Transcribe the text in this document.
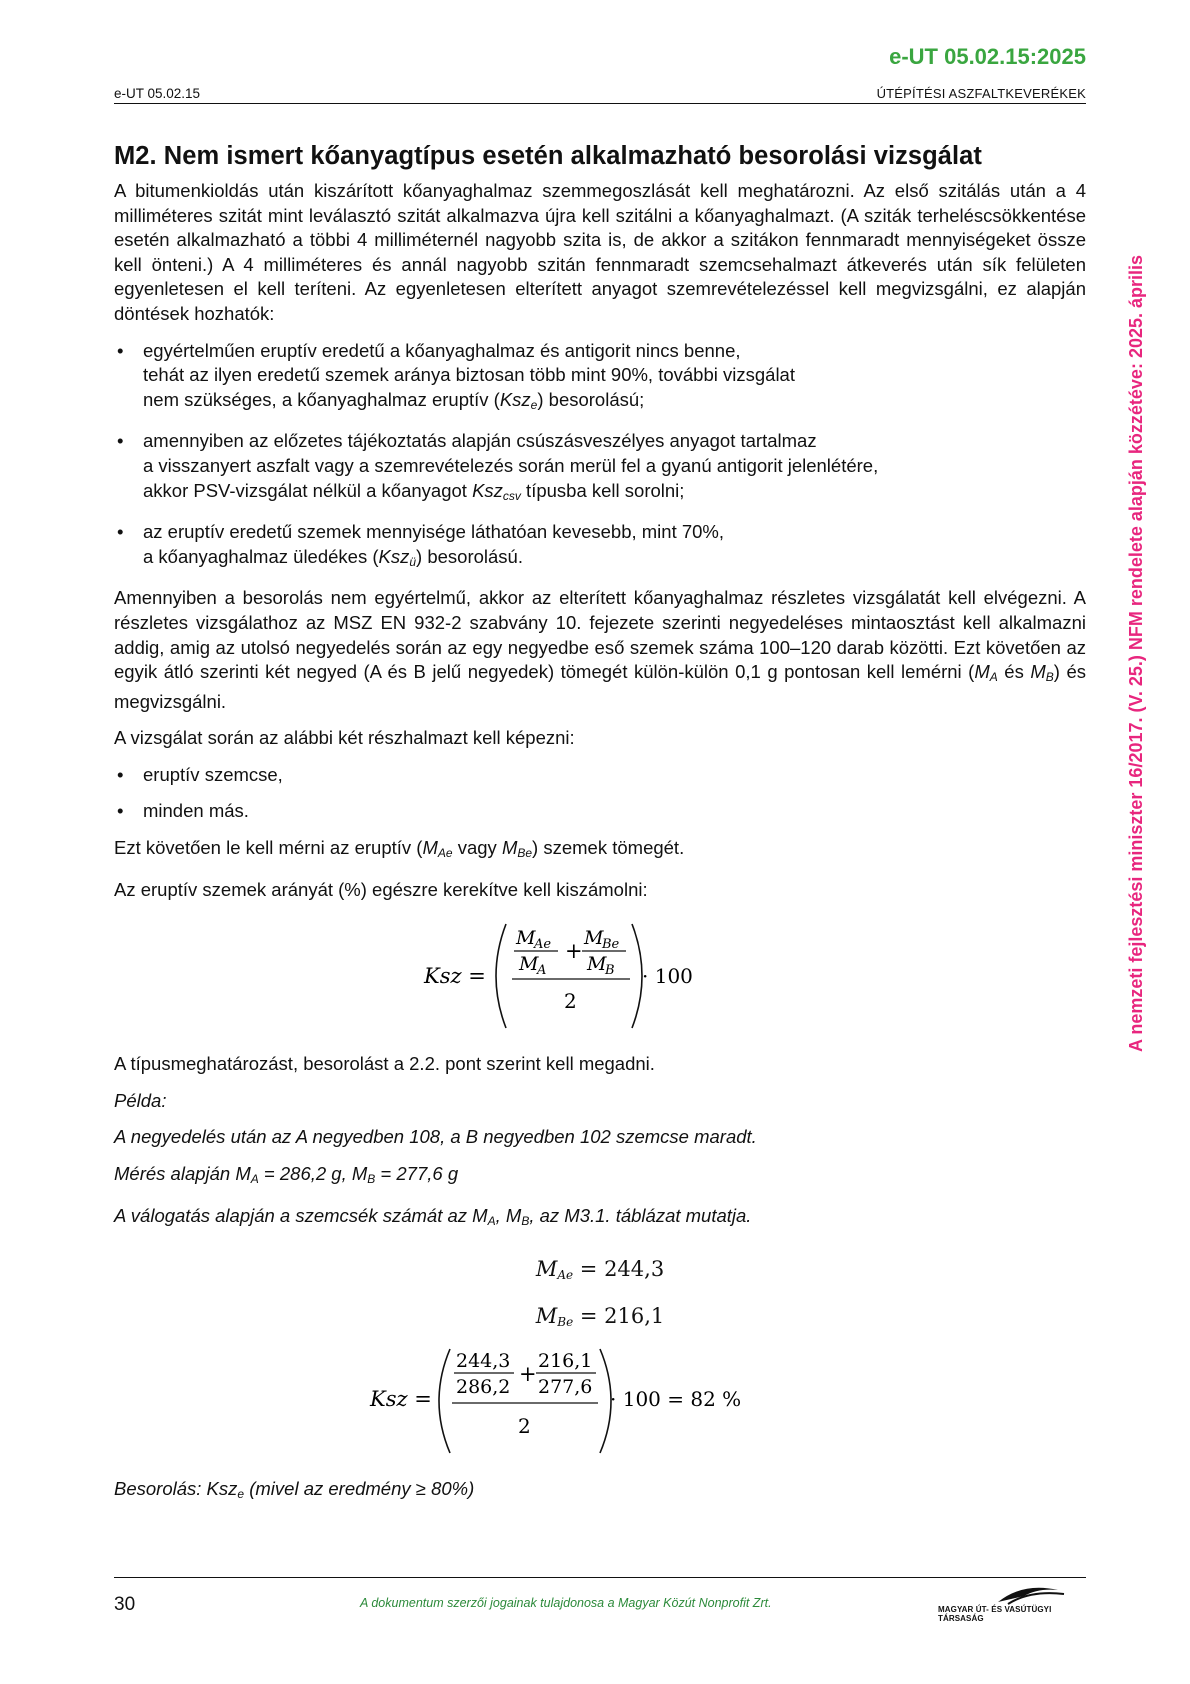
e-UT 05.02.15:2025
e-UT 05.02.15	ÚTÉPÍTÉSI ASZFALTKEVERÉKEK
A nemzeti fejlesztési miniszter 16/2017. (V. 25.) NFM rendelete alapján közzétéve: 2025. április
M2. Nem ismert kőanyagtípus esetén alkalmazható besorolási vizsgálat

A bitumenkioldás után kiszárított kőanyaghalmaz szemmegoszlását kell meghatározni. Az első szitálás után a 4 milliméteres szitát mint leválasztó szitát alkalmazva újra kell szitálni a kőanyaghalmazt. (A sziták terheléscsökkentése esetén alkalmazható a többi 4 milliméternél nagyobb szita is, de akkor a szitákon fennmaradt mennyiségeket össze kell önteni.) A 4 milliméteres és annál nagyobb szitán fennmaradt szemcsehalmazt átkeverés után sík felületen egyenletesen el kell teríteni. Az egyenletesen elterített anyagot szemrevételezéssel kell megvizsgálni, ez alapján döntések hozhatók:

• egyértelműen eruptív eredetű a kőanyaghalmaz és antigorit nincs benne,
tehát az ilyen eredetű szemek aránya biztosan több mint 90%, további vizsgálat
nem szükséges, a kőanyaghalmaz eruptív (Ksz$_e$) besorolású;
• amennyiben az előzetes tájékoztatás alapján csúszásveszélyes anyagot tartalmaz
a visszanyert aszfalt vagy a szemrevételezés során merül fel a gyanú antigorit jelenlétére,
akkor PSV-vizsgálat nélkül a kőanyagot Ksz$_{csv}$ típusba kell sorolni;
• az eruptív eredetű szemek mennyisége láthatóan kevesebb, mint 70%,
a kőanyaghalmaz üledékes (Ksz$_ü$) besorolású.

Amennyiben a besorolás nem egyértelmű, akkor az elterített kőanyaghalmaz részletes vizsgálatát kell elvégezni. A részletes vizsgálathoz az MSZ EN 932-2 szabvány 10. fejezete szerinti negyedeléses mintaosztást kell alkalmazni addig, amig az utolsó negyedelés során az egy negyedbe eső szemek száma 100–120 darab közötti. Ezt követően az egyik átló szerinti két negyed (A és B jelű negyedek) tömegét külön-külön 0,1 g pontosan kell lemérni ($M_A$ és $M_B$) és megvizsgálni.

A vizsgálat során az alábbi két részhalmazt kell képezni:

• eruptív szemcse,
• minden más.

Ezt követően le kell mérni az eruptív ($M_{Ae}$ vagy $M_{Be}$) szemek tömegét.

Az eruptív szemek arányát (%) egészre kerekítve kell kiszámolni:

Ksz =
M
Ae
M
A
+
M
Be
M
B
2
· 100

A típusmeghatározást, besorolást a 2.2. pont szerint kell megadni.

Példa:

A negyedelés után az A negyedben 108, a B negyedben 102 szemcse maradt.

Mérés alapján $M_A = 286,2$ g, $M_B = 277,6$ g

A válogatás alapján a szemcsék számát az $M_A$, $M_B$, az M3.1. táblázat mutatja.

$M_{Ae} = 244,3$
$M_{Be} = 216,1$
Ksz =
244,3
286,2
+
216,1
277,6
2
· 100 = 82 %

Besorolás: Ksz$_e$ (mivel az eredmény ≥ 80%)

30	A dokumentum szerzői jogainak tulajdonosa a Magyar Közút Nonprofit Zrt.	MAGYAR ÚT- ÉS VASÚTÜGYI TÁRSASÁG
